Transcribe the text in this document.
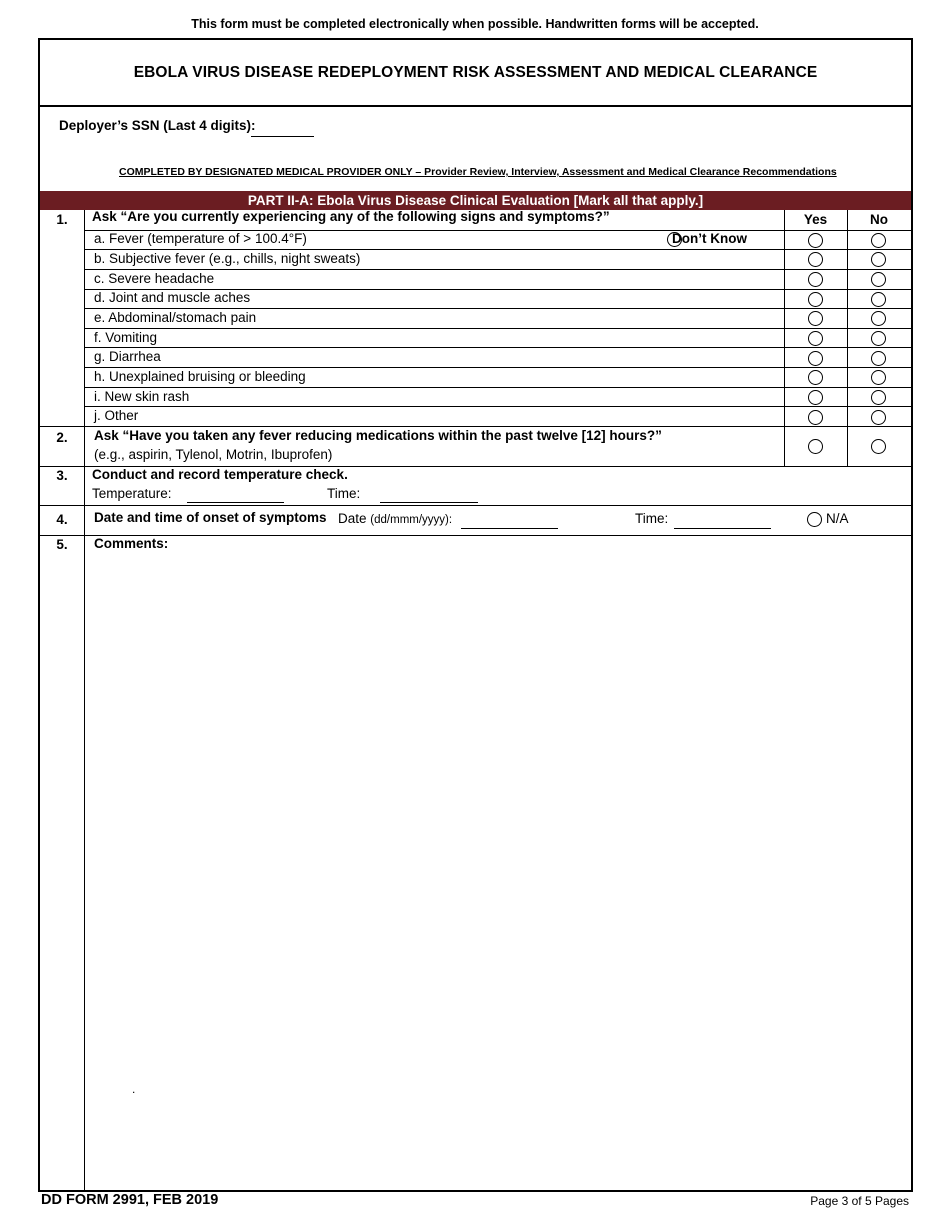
This form must be completed electronically when possible. Handwritten forms will be accepted.
EBOLA VIRUS DISEASE REDEPLOYMENT RISK ASSESSMENT AND MEDICAL CLEARANCE
Deployer’s SSN (Last 4 digits):
COMPLETED BY DESIGNATED MEDICAL PROVIDER ONLY – Provider Review, Interview, Assessment and Medical Clearance Recommendations
PART II-A: Ebola Virus Disease Clinical Evaluation [Mark all that apply.]
1.	Ask “Are you currently experiencing any of the following signs and symptoms?”	Yes	No
a. Fever (temperature of > 100.4°F)	Don’t Know
b. Subjective fever (e.g., chills, night sweats)
c. Severe headache
d. Joint and muscle aches
e. Abdominal/stomach pain
f. Vomiting
g. Diarrhea
h. Unexplained bruising or bleeding
i. New skin rash
j. Other
2.	Ask “Have you taken any fever reducing medications within the past twelve [12] hours?”
(e.g., aspirin, Tylenol, Motrin, Ibuprofen)
3.	Conduct and record temperature check.
Temperature:	Time:
4.	Date and time of onset of symptoms Date (dd/mmm/yyyy):	Time:	N/A
5.	Comments:
.
DD FORM 2991, FEB 2019	Page 3 of 5 Pages
